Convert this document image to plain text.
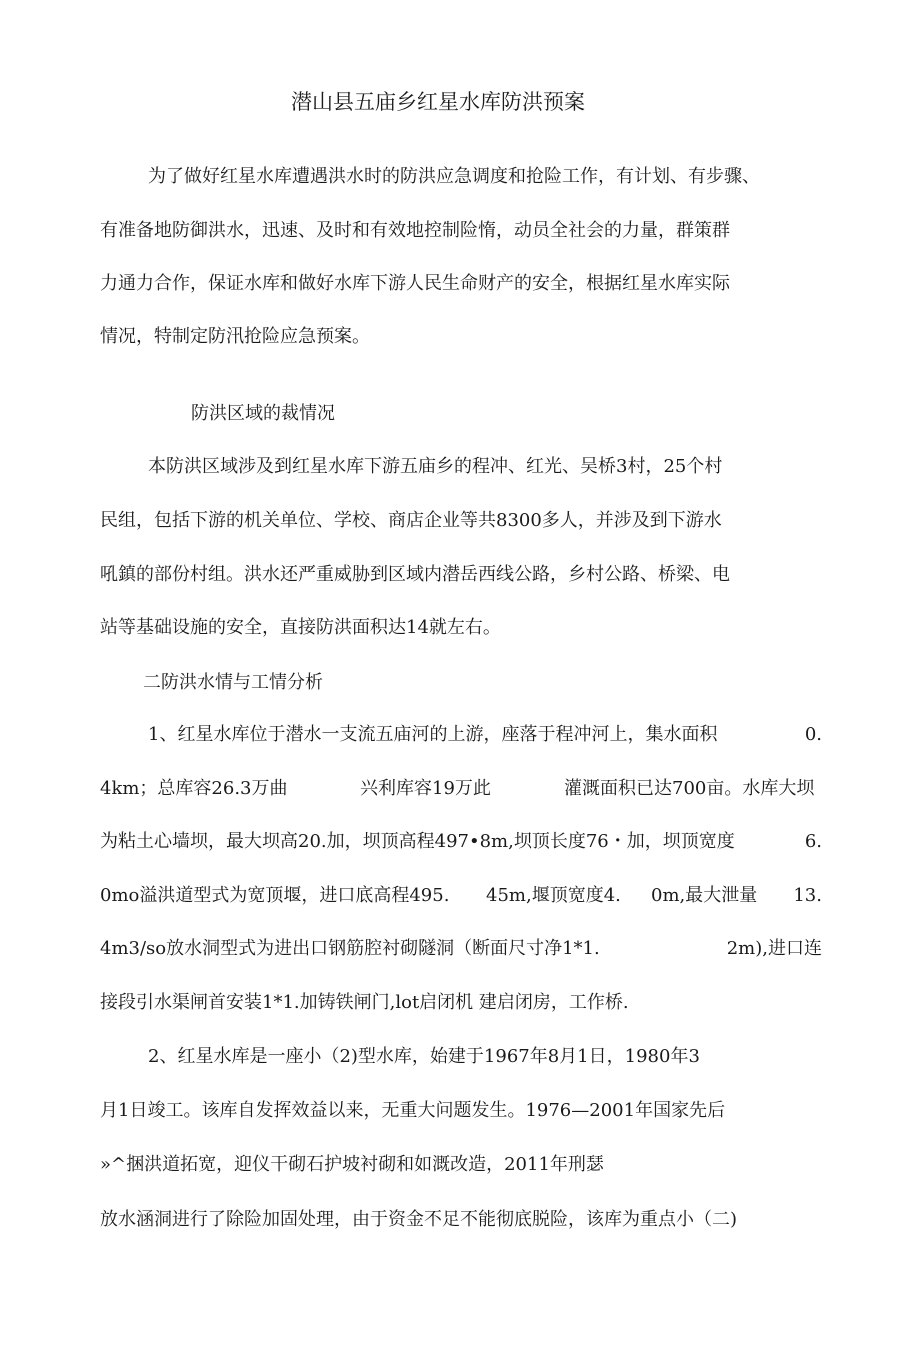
潜山县五庙乡红星水库防洪预案
为了做好红星水库遭遇洪水时的防洪应急调度和抢险工作，有计划、有步骤、
有准备地防御洪水，迅速、及时和有效地控制险惰，动员全社会的力量，群策群
力通力合作，保证水库和做好水库下游人民生命财产的安全，根据红星水库实际
情况，特制定防汛抢险应急预案。
防洪区域的裁情况
本防洪区域涉及到红星水库下游五庙乡的程冲、红光、吴桥3村，25个村
民组，包括下游的机关单位、学校、商店企业等共8300多人，并涉及到下游水
吼鎮的部份村组。洪水还严重威胁到区域内潜岳西线公路，乡村公路、桥梁、电
站等基础设施的安全，直接防洪面积达14就左右。
二防洪水情与工情分析
1、红星水库位于潜水一支流五庙河的上游，座落于程冲河上，集水面积	0.
4km；总库容26.3万曲	兴利库容19万此	灌溉面积已达700亩。水库大坝
为粘土心墙坝，最大坝高20.加，坝顶高程497•8m,坝顶长度76・加，坝顶宽度	6.
0mo溢洪道型式为宽顶堰，进口底高程495. 45m,堰顶宽度4. 0m,最大泄量 13.
4m3/so放水洞型式为进出口钢筋腔衬砌隧洞（断面尺寸净1*1.	2m),进口连
接段引水渠闸首安装1*1.加铸铁闸门,lot启闭机 建启闭房，工作桥.
2、红星水库是一座小（2)型水库，始建于1967年8月1日，1980年3
月1日竣工。该库自发挥效益以来，无重大问题发生。1976—2001年国家先后
»^捆洪道拓宽，迎仪干砌石护坡衬砌和如溉改造，2011年刑瑟
放水涵洞进行了除险加固处理，由于资金不足不能彻底脱险，该库为重点小（二)
